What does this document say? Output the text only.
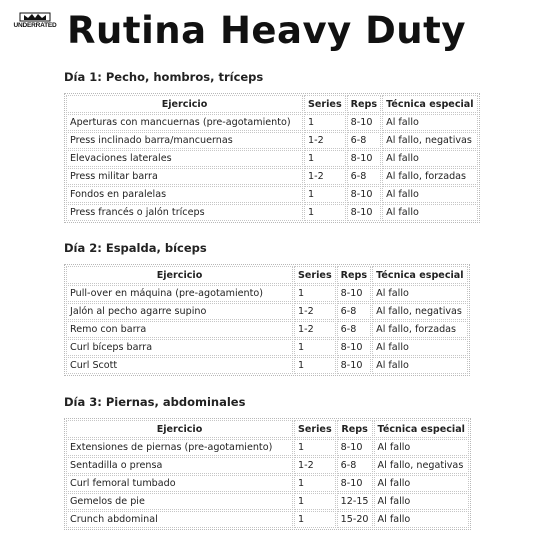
UNDERRATED Rutina Heavy Duty
Día 1: Pecho, hombros, tríceps
Ejercicio	Series	Reps	Técnica especial
Aperturas con mancuernas (pre-agotamiento)	1	8-10	Al fallo
Press inclinado barra/mancuernas	1-2	6-8	Al fallo, negativas
Elevaciones laterales	1	8-10	Al fallo
Press militar barra	1-2	6-8	Al fallo, forzadas
Fondos en paralelas	1	8-10	Al fallo
Press francés o jalón tríceps	1	8-10	Al fallo
Día 2: Espalda, bíceps
Ejercicio	Series	Reps	Técnica especial
Pull-over en máquina (pre-agotamiento)	1	8-10	Al fallo
Jalón al pecho agarre supino	1-2	6-8	Al fallo, negativas
Remo con barra	1-2	6-8	Al fallo, forzadas
Curl bíceps barra	1	8-10	Al fallo
Curl Scott	1	8-10	Al fallo
Día 3: Piernas, abdominales
Ejercicio	Series	Reps	Técnica especial
Extensiones de piernas (pre-agotamiento)	1	8-10	Al fallo
Sentadilla o prensa	1-2	6-8	Al fallo, negativas
Curl femoral tumbado	1	8-10	Al fallo
Gemelos de pie	1	12-15	Al fallo
Crunch abdominal	1	15-20	Al fallo
